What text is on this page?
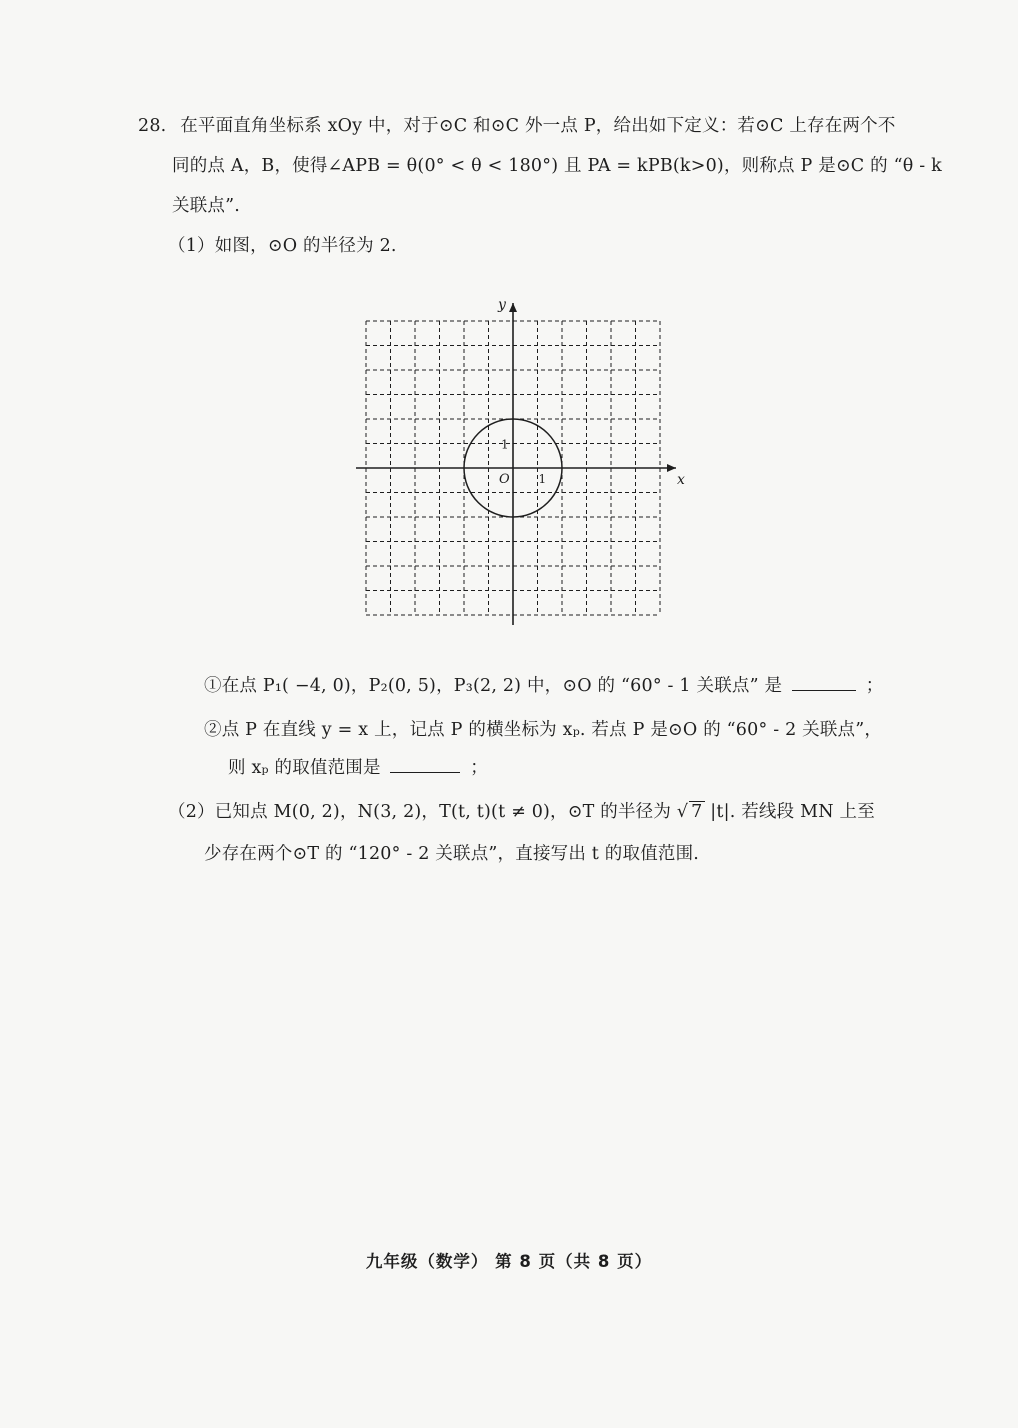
28. 在平面直角坐标系 xOy 中，对于⊙C 和⊙C 外一点 P，给出如下定义：若⊙C 上存在两个不
同的点 A，B，使得∠APB = θ(0° < θ < 180°) 且 PA = kPB(k>0)，则称点 P 是⊙C 的 “θ - k
关联点”.
（1）如图，⊙O 的半径为 2.
x
y
O 1
1
①在点 P₁( −4, 0)，P₂(0, 5)，P₃(2, 2) 中，⊙O 的 “60° - 1 关联点” 是	；
②点 P 在直线 y = x 上，记点 P 的横坐标为 xₚ. 若点 P 是⊙O 的 “60° - 2 关联点”，
则 xₚ 的取值范围是	；
（2）已知点 M(0, 2)，N(3, 2)，T(t, t)(t ≠ 0)，⊙T 的半径为 √ 7 |t|. 若线段 MN 上至
少存在两个⊙T 的 “120° - 2 关联点”，直接写出 t 的取值范围.
九年级（数学） 第 8 页（共 8 页）
